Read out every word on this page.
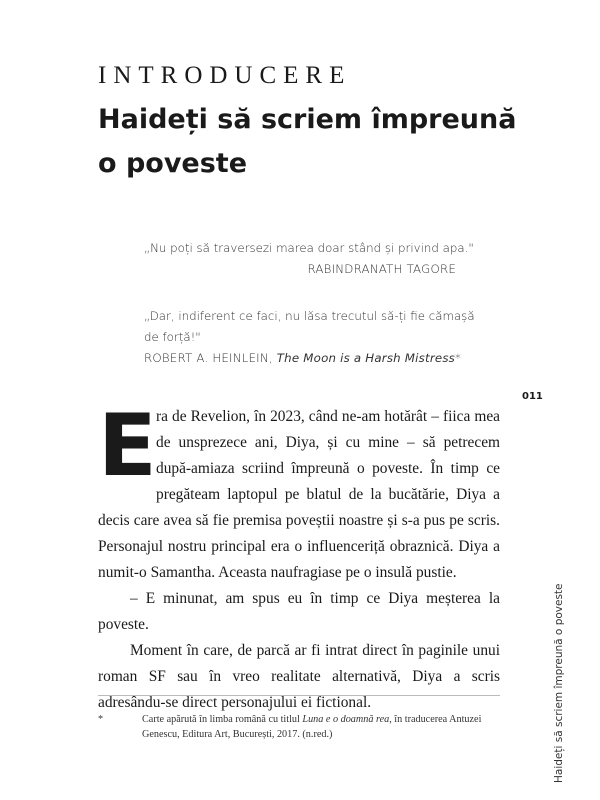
INTRODUCERE
Haideți să scriem împreună o poveste
„Nu poți să traversezi marea doar stând și privind apa."
RABINDRANATH TAGORE
„Dar, indiferent ce faci, nu lăsa trecutul să-ți fie cămașă de forță!"
ROBERT A. HEINLEIN, The Moon is a Harsh Mistress*
011
Haideți să scriem împreună o poveste

Era de Revelion, în 2023, când ne-am hotărât – fiica mea de unsprezece ani, Diya, și cu mine – să petrecem după-amiaza scriind împreună o poveste. În timp ce pregăteam laptopul pe blatul de la bucătărie, Diya a decis care avea să fie premisa poveștii noastre și s-a pus pe scris. Personajul nostru principal era o influenceriță obraznică. Diya a numit-o Samantha. Aceasta naufragiase pe o insulă pustie.

– E minunat, am spus eu în timp ce Diya meșterea la poveste.

Moment în care, de parcă ar fi intrat direct în paginile unui roman SF sau în vreo realitate alternativă, Diya a scris adresându-se direct personajului ei fictional.

*	Carte apărută în limba română cu titlul Luna e o doamnă rea, în traducerea Antuzei Genescu, Editura Art, București, 2017. (n.red.)
